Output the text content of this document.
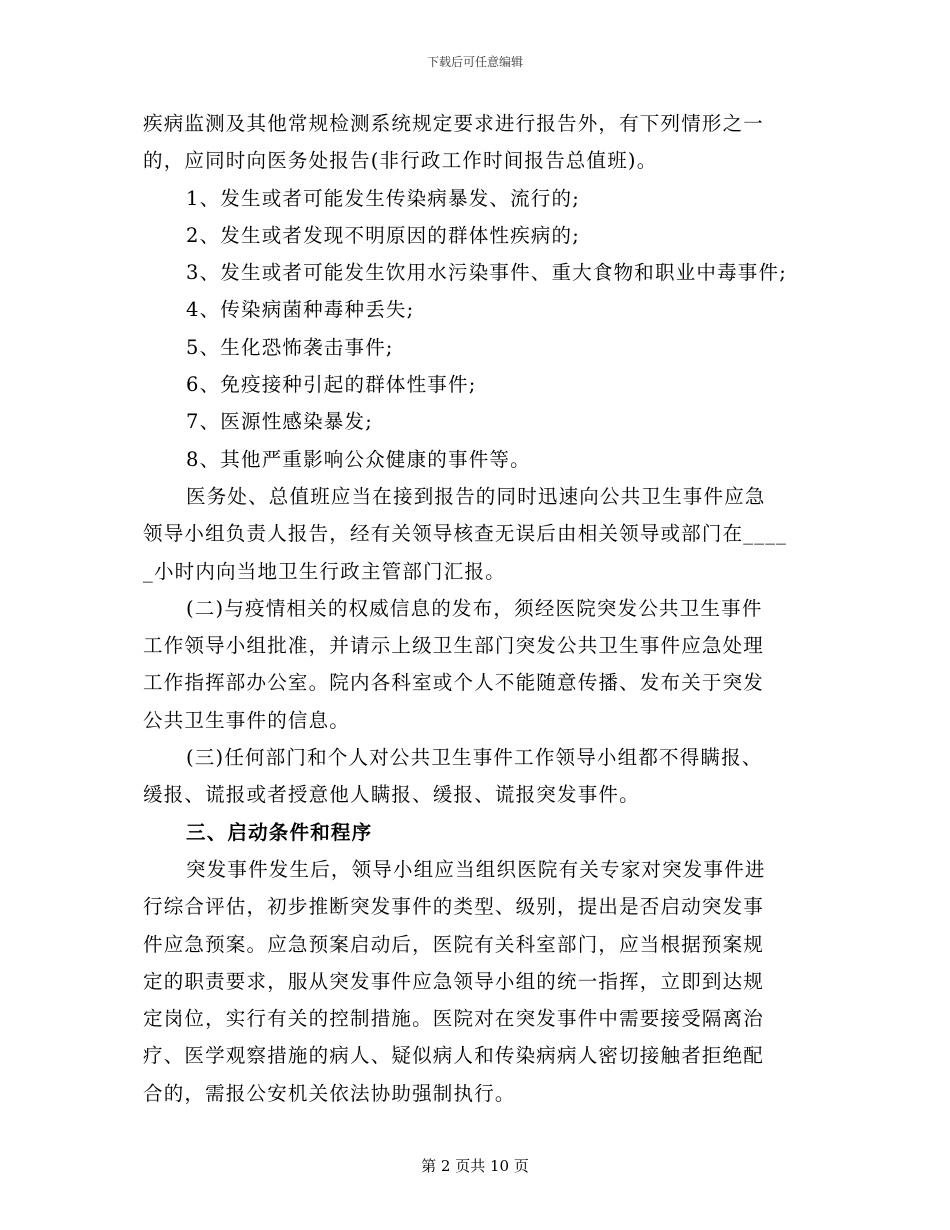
下载后可任意编辑
疾病监测及其他常规检测系统规定要求进行报告外，有下列情形之一
的，应同时向医务处报告(非行政工作时间报告总值班)。
1、发生或者可能发生传染病暴发、流行的;
2、发生或者发现不明原因的群体性疾病的;
3、发生或者可能发生饮用水污染事件、重大食物和职业中毒事件;
4、传染病菌种毒种丢失;
5、生化恐怖袭击事件;
6、免疫接种引起的群体性事件;
7、医源性感染暴发;
8、其他严重影响公众健康的事件等。
医务处、总值班应当在接到报告的同时迅速向公共卫生事件应急
领导小组负责人报告，经有关领导核查无误后由相关领导或部门在____
_小时内向当地卫生行政主管部门汇报。
(二)与疫情相关的权威信息的发布，须经医院突发公共卫生事件
工作领导小组批准，并请示上级卫生部门突发公共卫生事件应急处理
工作指挥部办公室。院内各科室或个人不能随意传播、发布关于突发
公共卫生事件的信息。
(三)任何部门和个人对公共卫生事件工作领导小组都不得瞒报、
缓报、谎报或者授意他人瞒报、缓报、谎报突发事件。
三、启动条件和程序
突发事件发生后，领导小组应当组织医院有关专家对突发事件进
行综合评估，初步推断突发事件的类型、级别，提出是否启动突发事
件应急预案。应急预案启动后，医院有关科室部门，应当根据预案规
定的职责要求，服从突发事件应急领导小组的统一指挥，立即到达规
定岗位，实行有关的控制措施。医院对在突发事件中需要接受隔离治
疗、医学观察措施的病人、疑似病人和传染病病人密切接触者拒绝配
合的，需报公安机关依法协助强制执行。
第 2 页共 10 页
